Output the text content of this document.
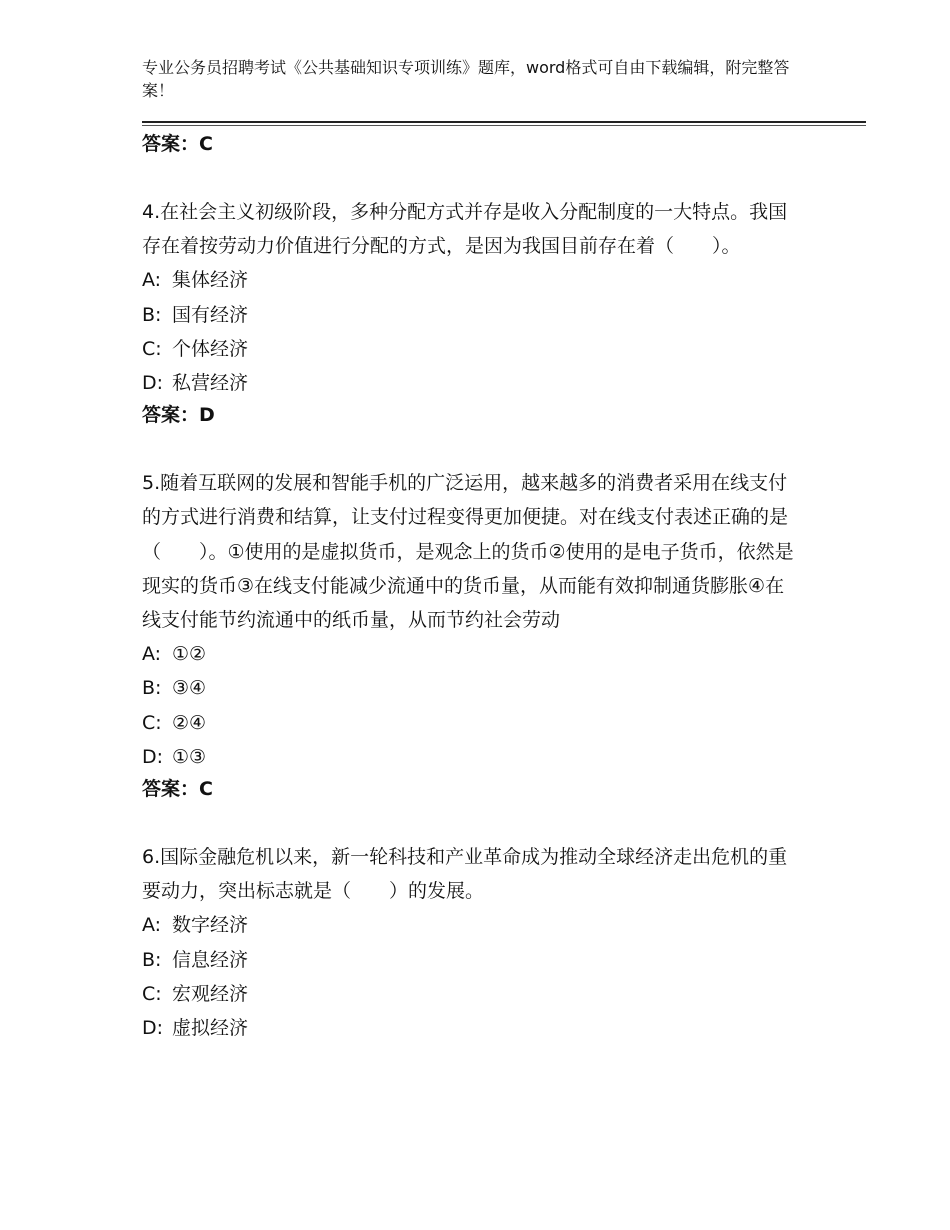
专业公务员招聘考试《公共基础知识专项训练》题库，word格式可自由下载编辑，附完整答案！
答案：C

4.在社会主义初级阶段，多种分配方式并存是收入分配制度的一大特点。我国存在着按劳动力价值进行分配的方式，是因为我国目前存在着（　　）。

A: 集体经济
B: 国有经济
C: 个体经济
D: 私营经济
答案：D

5.随着互联网的发展和智能手机的广泛运用，越来越多的消费者采用在线支付的方式进行消费和结算，让支付过程变得更加便捷。对在线支付表述正确的是（　　）。①使用的是虚拟货币，是观念上的货币②使用的是电子货币，依然是现实的货币③在线支付能减少流通中的货币量，从而能有效抑制通货膨胀④在线支付能节约流通中的纸币量，从而节约社会劳动

A: ①②
B: ③④
C: ②④
D: ①③
答案：C

6.国际金融危机以来，新一轮科技和产业革命成为推动全球经济走出危机的重要动力，突出标志就是（　　）的发展。

A: 数字经济
B: 信息经济
C: 宏观经济
D: 虚拟经济
